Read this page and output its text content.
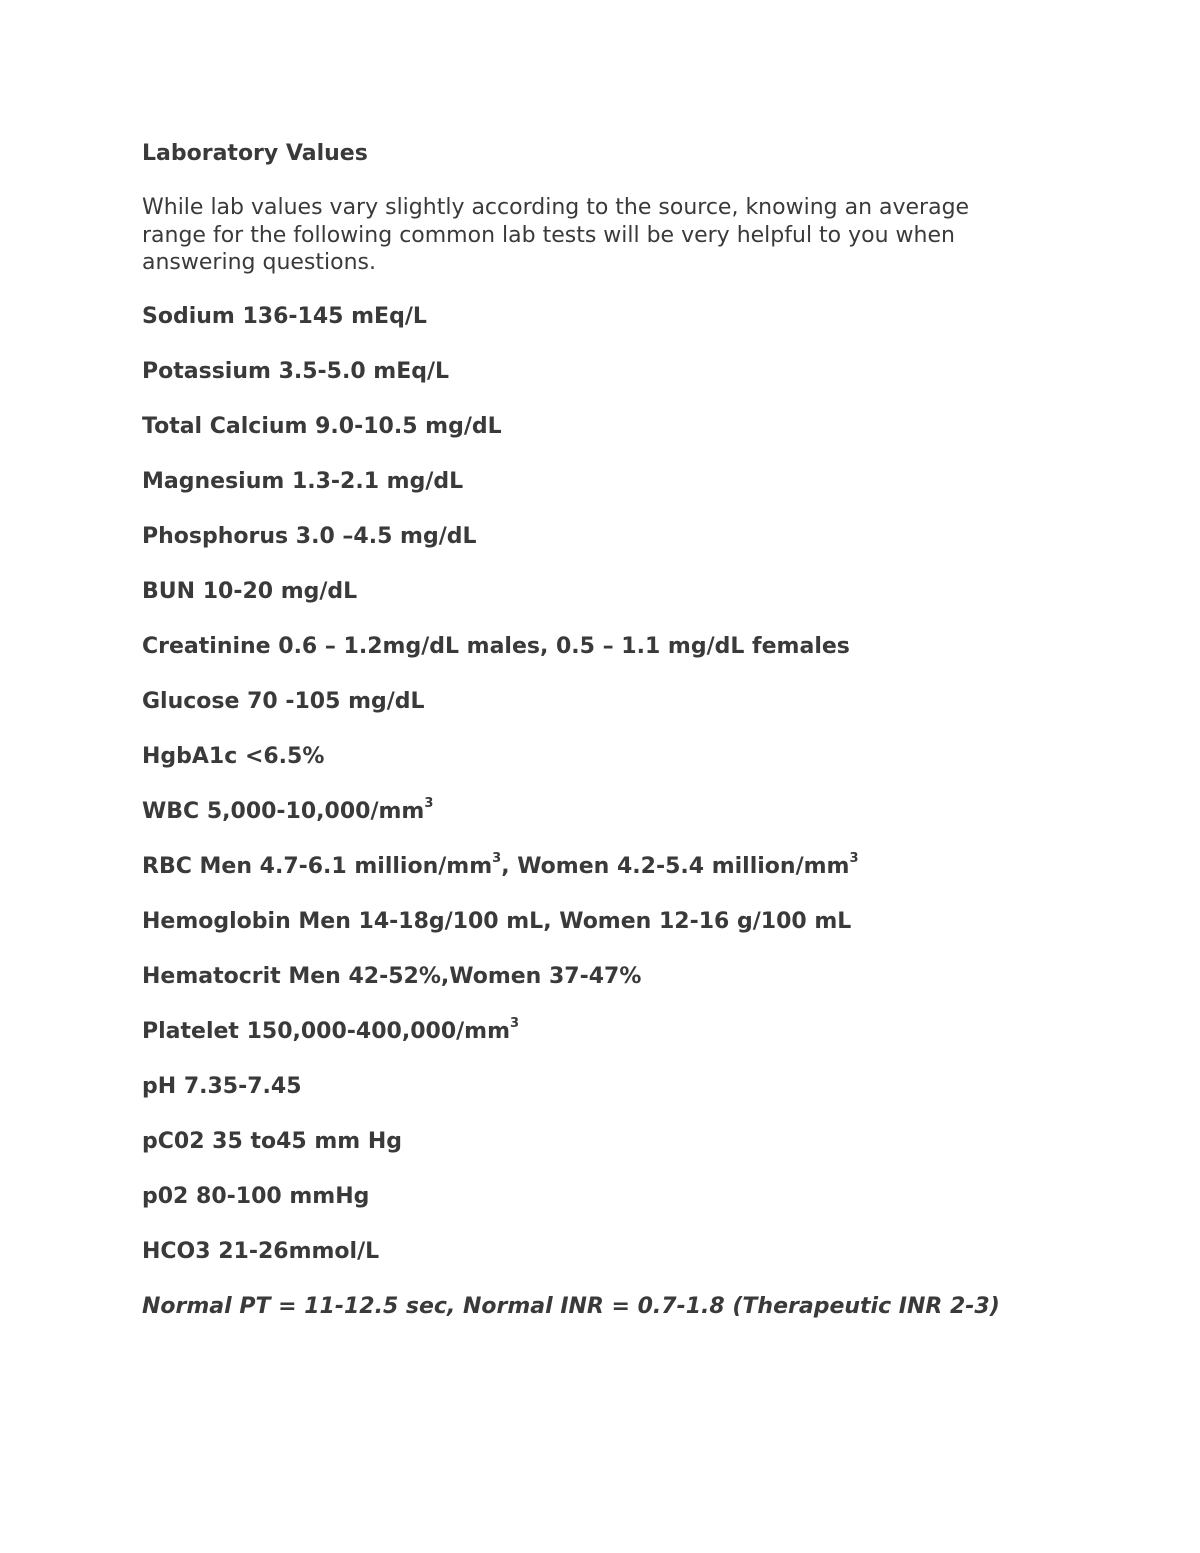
Laboratory Values
While lab values vary slightly according to the source, knowing an average range for the following common lab tests will be very helpful to you when answering questions.
Sodium 136-145 mEq/L
Potassium 3.5-5.0 mEq/L
Total Calcium 9.0-10.5 mg/dL
Magnesium 1.3-2.1 mg/dL
Phosphorus 3.0 –4.5 mg/dL
BUN 10-20 mg/dL
Creatinine 0.6 – 1.2mg/dL males, 0.5 – 1.1 mg/dL females
Glucose 70 -105 mg/dL
HgbA1c <6.5%
WBC $5,000-10,000/mm^3$
RBC Men 4.7-6.1 million/$mm^3$, Women 4.2-5.4 million/$mm^3$
Hemoglobin Men 14-18g/100 mL, Women 12-16 g/100 mL
Hematocrit Men 42-52%,Women 37-47%
Platelet $150,000-400,000/mm^3$
pH 7.35-7.45
pC02 35 to45 mm Hg
p02 80-100 mmHg
HCO3 21-26mmol/L
Normal PT = 11-12.5 sec, Normal INR = 0.7-1.8 (Therapeutic INR 2-3)
